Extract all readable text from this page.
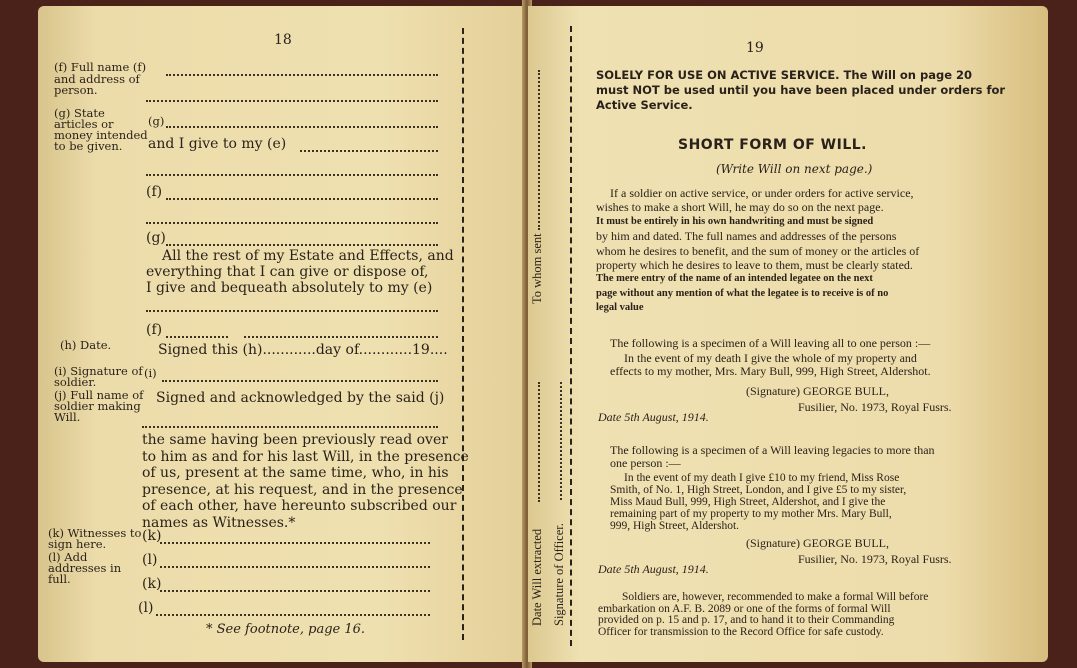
18
(f) Full name (f)
and address of person.
(g) State articles or money intended to be given.
(g)
and I give to my (e)
(f)
(g)
All the rest of my Estate and Effects, and
everything that I can give or dispose of,
I give and bequeath absolutely to my (e)
(f)
(h) Date.	Signed this (h)............day of............19....
(i) Signature of soldier.
(i)
(j) Full name of soldier making Will.
Signed and acknowledged by the said (j)
the same having been previously read over
to him as and for his last Will, in the presence
of us, present at the same time, who, in his
presence, at his request, and in the presence
of each other, have hereunto subscribed our
names as Witnesses.*
(k) Witnesses to sign here.	(k)
(l) Add addresses in full.
(l)
(k)
(l)
* See footnote, page 16.
19
To whom sent
Date Will extracted Signature of Officer.
SOLELY FOR USE ON ACTIVE SERVICE. The Will on page 20
must NOT be used until you have been placed under orders for
Active Service.
SHORT FORM OF WILL.
(Write Will on next page.)
If a soldier on active service, or under orders for active service,
wishes to make a short Will, he may do so on the next page.
It must be entirely in his own handwriting and must be signed
by him and dated. The full names and addresses of the persons
whom he desires to benefit, and the sum of money or the articles of
property which he desires to leave to them, must be clearly stated.
The mere entry of the name of an intended legatee on the next
page without any mention of what the legatee is to receive is of no
legal value
The following is a specimen of a Will leaving all to one person :—
In the event of my death I give the whole of my property and
effects to my mother, Mrs. Mary Bull, 999, High Street, Aldershot.
(Signature) GEORGE BULL,
Fusilier, No. 1973, Royal Fusrs.
Date 5th August, 1914.
The following is a specimen of a Will leaving legacies to more than
one person :—
In the event of my death I give £10 to my friend, Miss Rose
Smith, of No. 1, High Street, London, and I give £5 to my sister,
Miss Maud Bull, 999, High Street, Aldershot, and I give the
remaining part of my property to my mother Mrs. Mary Bull,
999, High Street, Aldershot.
(Signature) GEORGE BULL,
Fusilier, No. 1973, Royal Fusrs.
Date 5th August, 1914.
Soldiers are, however, recommended to make a formal Will before
embarkation on A.F. B. 2089 or one of the forms of formal Will
provided on p. 15 and p. 17, and to hand it to their Commanding
Officer for transmission to the Record Office for safe custody.
